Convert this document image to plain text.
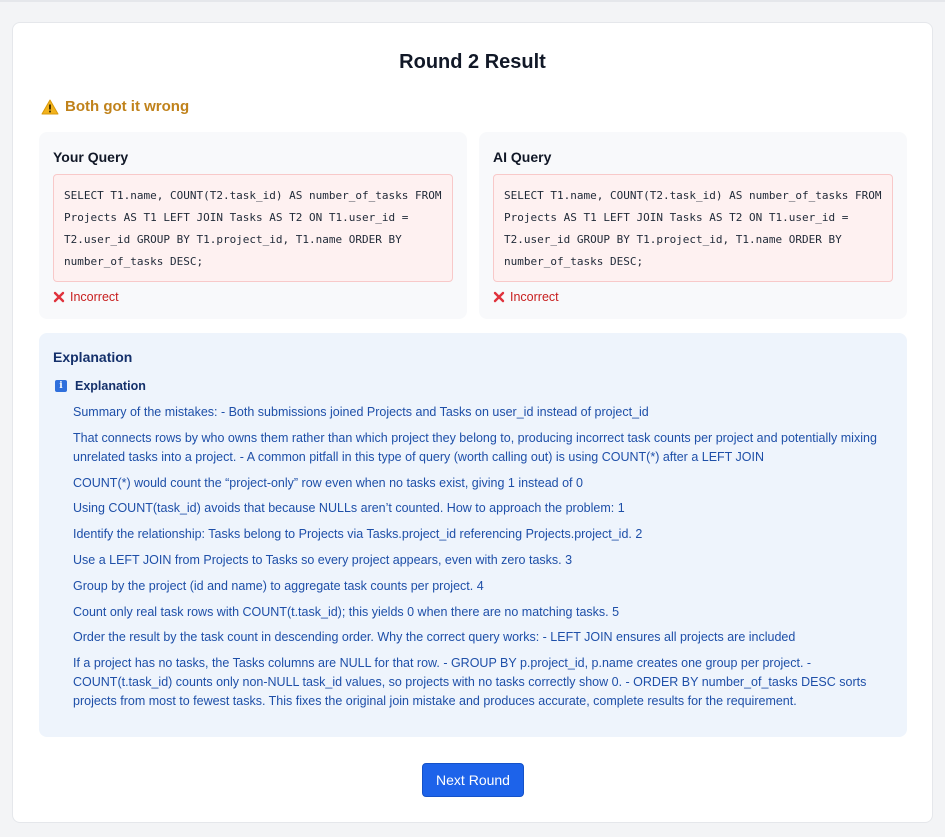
Round 2 Result
Both got it wrong
Your Query
SELECT T1.name, COUNT(T2.task_id) AS number_of_tasks FROM Projects AS T1 LEFT JOIN Tasks AS T2 ON T1.user_id = T2.user_id GROUP BY T1.project_id, T1.name ORDER BY number_of_tasks DESC;
Incorrect
AI Query
SELECT T1.name, COUNT(T2.task_id) AS number_of_tasks FROM Projects AS T1 LEFT JOIN Tasks AS T2 ON T1.user_id = T2.user_id GROUP BY T1.project_id, T1.name ORDER BY number_of_tasks DESC;
Incorrect
Explanation
i Explanation

Summary of the mistakes: - Both submissions joined Projects and Tasks on user_id instead of project_id

That connects rows by who owns them rather than which project they belong to, producing incorrect task counts per project and potentially mixing unrelated tasks into a project. - A common pitfall in this type of query (worth calling out) is using COUNT(*) after a LEFT JOIN

COUNT(*) would count the “project-only” row even when no tasks exist, giving 1 instead of 0

Using COUNT(task_id) avoids that because NULLs aren’t counted. How to approach the problem: 1

Identify the relationship: Tasks belong to Projects via Tasks.project_id referencing Projects.project_id. 2

Use a LEFT JOIN from Projects to Tasks so every project appears, even with zero tasks. 3

Group by the project (id and name) to aggregate task counts per project. 4

Count only real task rows with COUNT(t.task_id); this yields 0 when there are no matching tasks. 5

Order the result by the task count in descending order. Why the correct query works: - LEFT JOIN ensures all projects are included

If a project has no tasks, the Tasks columns are NULL for that row. - GROUP BY p.project_id, p.name creates one group per project. - COUNT(t.task_id) counts only non-NULL task_id values, so projects with no tasks correctly show 0. - ORDER BY number_of_tasks DESC sorts projects from most to fewest tasks. This fixes the original join mistake and produces accurate, complete results for the requirement.

Next Round
